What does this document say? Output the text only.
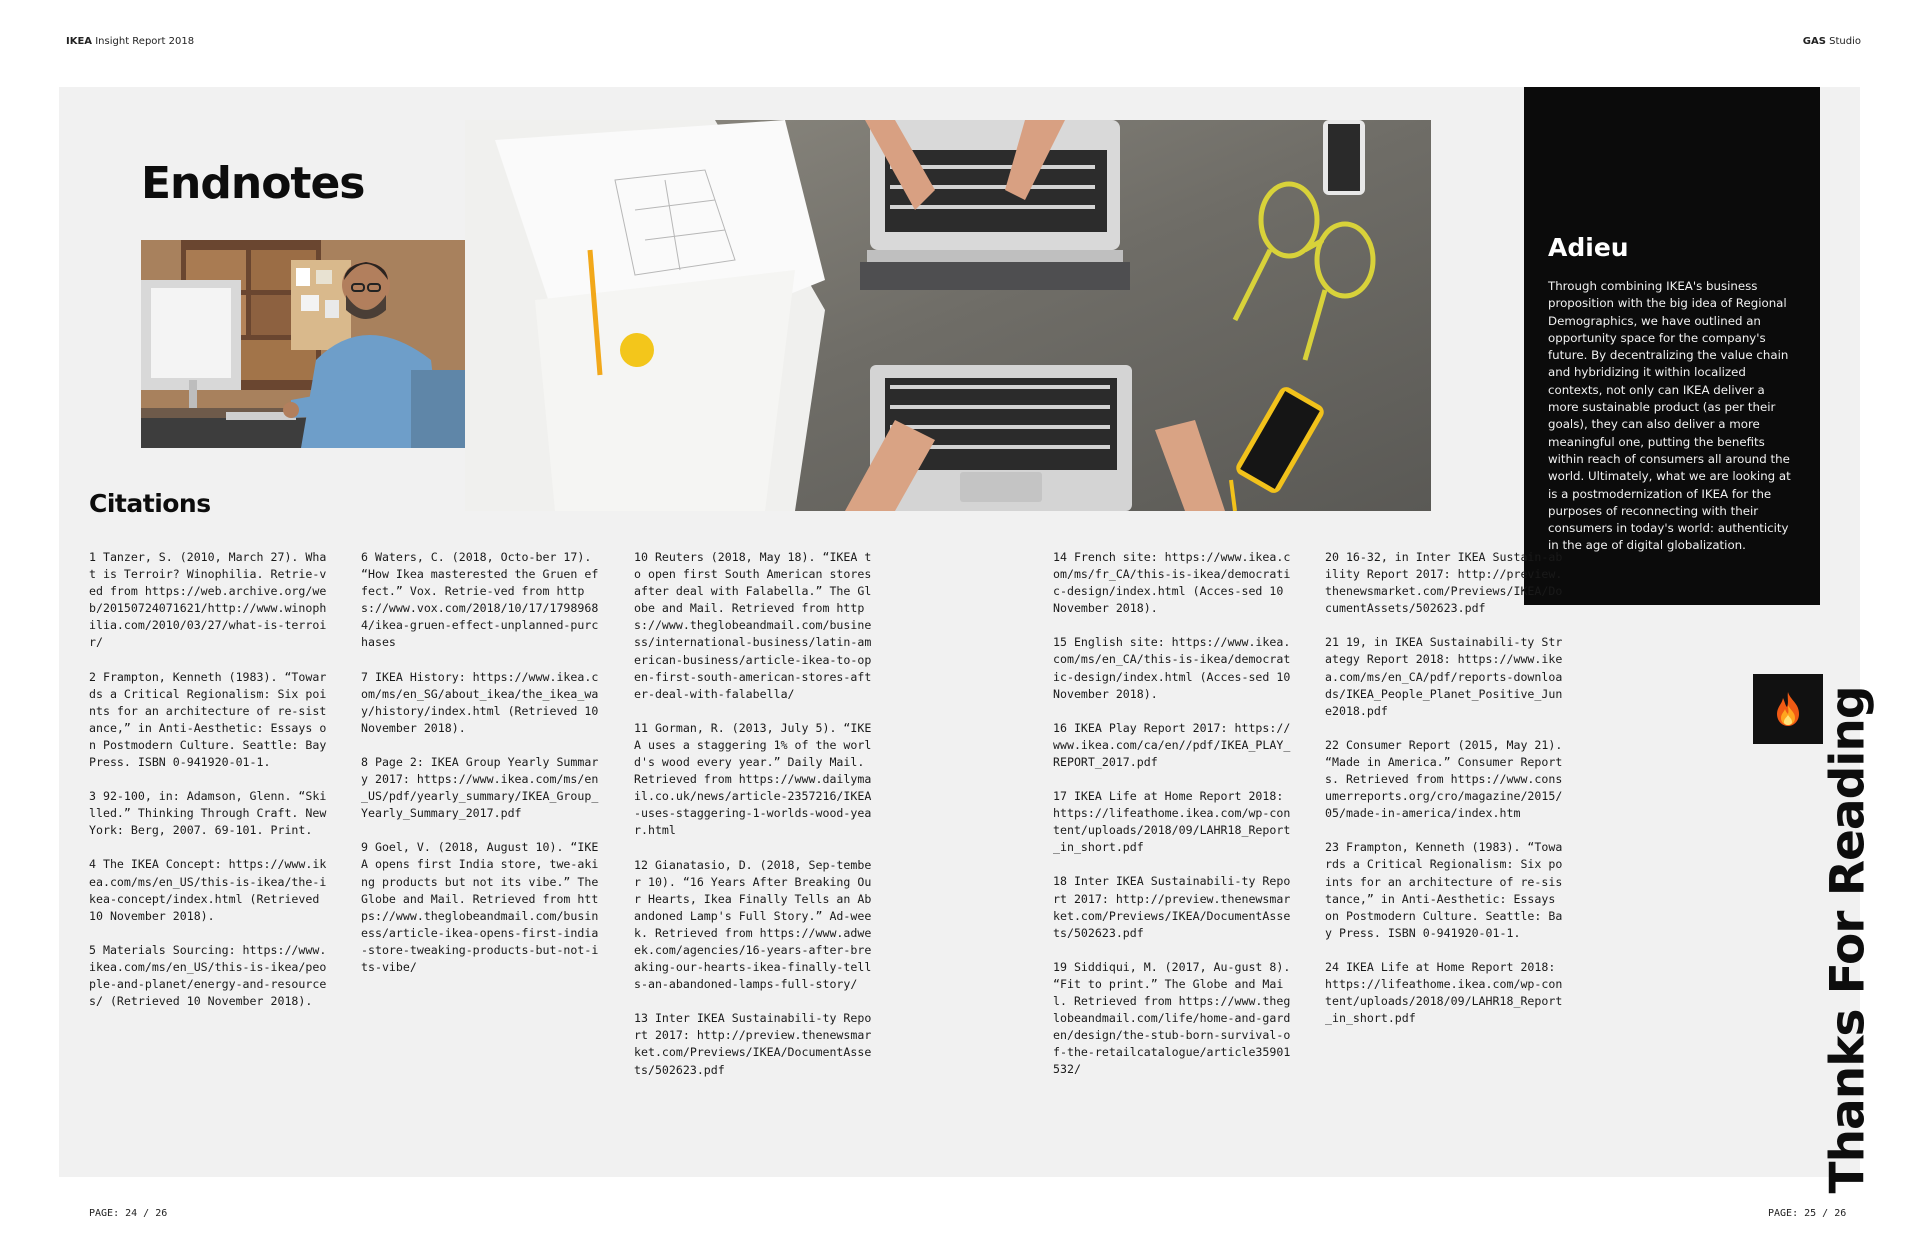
IKEA Insight Report 2018	GAS Studio
Adieu

Through combining IKEA's business proposition with the big idea of Regional Demographics, we have outlined an opportunity space for the company's future. By decentralizing the value chain and hybridizing it within localized contexts, not only can IKEA deliver a more sustainable product (as per their goals), they can also deliver a more meaningful one, putting the benefits within reach of consumers all around the world. Ultimately, what we are looking at is a postmodernization of IKEA for the purposes of reconnecting with their consumers in today's world: authenticity in the age of digital globalization.

Endnotes
Citations

1 Tanzer, S. (2010, March 27). What is Terroir? Winophilia. Retrie-ved from https://web.archive.org/web/20150724071621/http://www.winophilia.com/2010/03/27/what-is-terroir/

2 Frampton, Kenneth (1983). “Towards a Critical Regionalism: Six points for an architecture of re-sistance,” in Anti-Aesthetic: Essays on Postmodern Culture. Seattle: Bay Press. ISBN 0-941920-01-1.

3 92-100, in: Adamson, Glenn. “Skilled.” Thinking Through Craft. New York: Berg, 2007. 69-101. Print.

4 The IKEA Concept: https://www.ikea.com/ms/en_US/this-is-ikea/the-ikea-concept/index.html (Retrieved 10 November 2018).

5 Materials Sourcing: https://www.ikea.com/ms/en_US/this-is-ikea/people-and-planet/energy-and-resources/ (Retrieved 10 November 2018).

6 Waters, C. (2018, Octo-ber 17). “How Ikea masterested the Gruen effect.” Vox. Retrie-ved from https://www.vox.com/2018/10/17/17989684/ikea-gruen-effect-unplanned-purchases

7 IKEA History: https://www.ikea.com/ms/en_SG/about_ikea/the_ikea_way/history/index.html (Retrieved 10 November 2018).

8 Page 2: IKEA Group Yearly Summary 2017: https://www.ikea.com/ms/en_US/pdf/yearly_summary/IKEA_Group_Yearly_Summary_2017.pdf

9 Goel, V. (2018, August 10). “IKEA opens first India store, twe-aking products but not its vibe.” The Globe and Mail. Retrieved from https://www.theglobeandmail.com/business/article-ikea-opens-first-india-store-tweaking-products-but-not-its-vibe/

10 Reuters (2018, May 18). “IKEA to open first South American stores after deal with Falabella.” The Globe and Mail. Retrieved from https://www.theglobeandmail.com/business/international-business/latin-american-business/article-ikea-to-open-first-south-american-stores-after-deal-with-falabella/

11 Gorman, R. (2013, July 5). “IKEA uses a staggering 1% of the world's wood every year.” Daily Mail. Retrieved from https://www.dailymail.co.uk/news/article-2357216/IKEA-uses-staggering-1-worlds-wood-year.html

12 Gianatasio, D. (2018, Sep-tember 10). “16 Years After Breaking Our Hearts, Ikea Finally Tells an Abandoned Lamp's Full Story.” Ad-week. Retrieved from https://www.adweek.com/agencies/16-years-after-breaking-our-hearts-ikea-finally-tells-an-abandoned-lamps-full-story/

13 Inter IKEA Sustainabili-ty Report 2017: http://preview.thenewsmarket.com/Previews/IKEA/DocumentAssets/502623.pdf

14 French site: https://www.ikea.com/ms/fr_CA/this-is-ikea/democratic-design/index.html (Acces-sed 10 November 2018).

15 English site: https://www.ikea.com/ms/en_CA/this-is-ikea/democratic-design/index.html (Acces-sed 10 November 2018).

16 IKEA Play Report 2017: https://www.ikea.com/ca/en//pdf/IKEA_PLAY_REPORT_2017.pdf

17 IKEA Life at Home Report 2018: https://lifeathome.ikea.com/wp-content/uploads/2018/09/LAHR18_Report_in_short.pdf

18 Inter IKEA Sustainabili-ty Report 2017: http://preview.thenewsmarket.com/Previews/IKEA/DocumentAssets/502623.pdf

19 Siddiqui, M. (2017, Au-gust 8). “Fit to print.” The Globe and Mail. Retrieved from https://www.theglobeandmail.com/life/home-and-garden/design/the-stub-born-survival-of-the-retailcatalogue/article35901532/

20 16-32, in Inter IKEA Sustain-ability Report 2017: http://preview.thenewsmarket.com/Previews/IKEA/DocumentAssets/502623.pdf

21 19, in IKEA Sustainabili-ty Strategy Report 2018: https://www.ikea.com/ms/en_CA/pdf/reports-downloads/IKEA_People_Planet_Positive_June2018.pdf

22 Consumer Report (2015, May 21). “Made in America.” Consumer Reports. Retrieved from https://www.consumerreports.org/cro/magazine/2015/05/made-in-america/index.htm

23 Frampton, Kenneth (1983). “Towards a Critical Regionalism: Six points for an architecture of re-sistance,” in Anti-Aesthetic: Essays on Postmodern Culture. Seattle: Bay Press. ISBN 0-941920-01-1.

24 IKEA Life at Home Report 2018: https://lifeathome.ikea.com/wp-content/uploads/2018/09/LAHR18_Report_in_short.pdf	Thanks For Reading
PAGE: 24 / 26	PAGE: 25 / 26
